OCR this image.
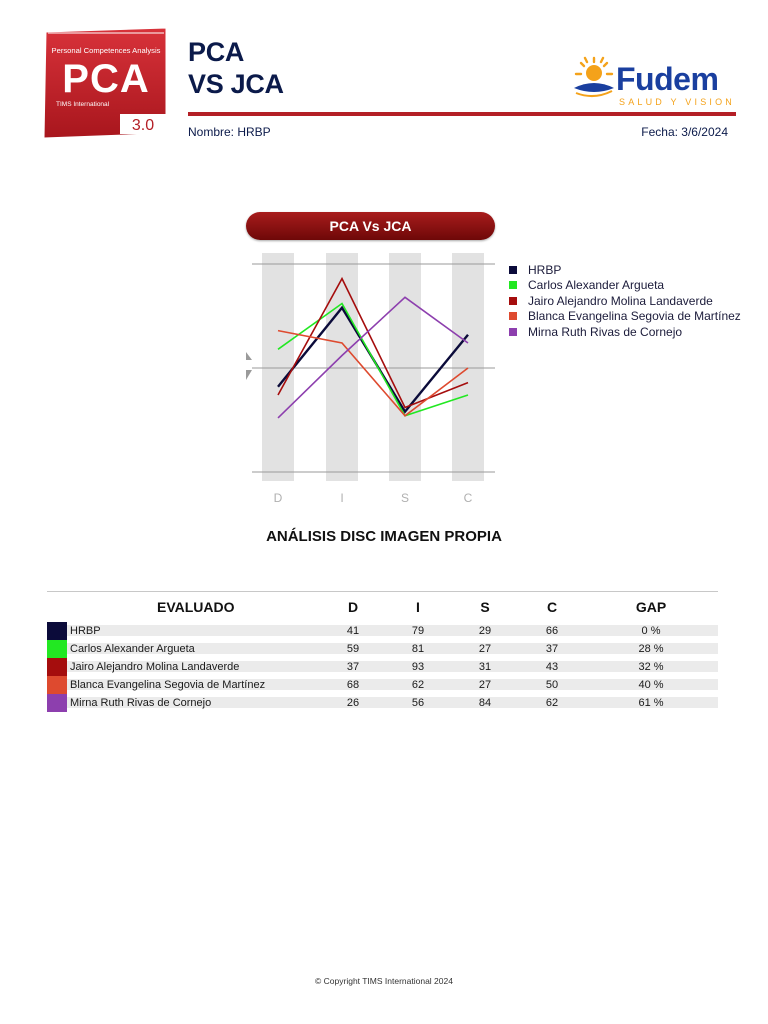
Personal Competences Analysis
PCA
TIMS International
3.0
PCA
VS JCA	Fudem
SALUD Y VISION
Nombre: HRBP	Fecha: 3/6/2024
PCA Vs JCA
D	I	S	C
HRBP
Carlos Alexander Argueta
Jairo Alejandro Molina Landaverde
Blanca Evangelina Segovia de Martínez
Mirna Ruth Rivas de Cornejo
ANÁLISIS DISC IMAGEN PROPIA
EVALUADO	D	I	S	C	GAP
HRBP	41	79	29	66	0 %
Carlos Alexander Argueta	59	81	27	37	28 %
Jairo Alejandro Molina Landaverde	37	93	31	43	32 %
Blanca Evangelina Segovia de Martínez	68	62	27	50	40 %
Mirna Ruth Rivas de Cornejo	26	56	84	62	61 %
© Copyright TIMS International 2024
